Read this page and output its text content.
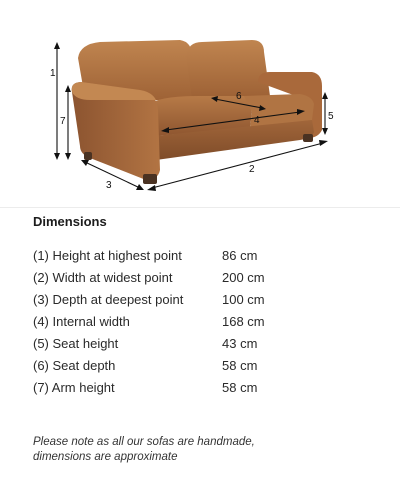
1
2
3
4	5
6
7
Dimensions
(1) Height at highest point	86 cm
(2) Width at widest point	200 cm
(3) Depth at deepest point	100 cm
(4) Internal width	168 cm
(5) Seat height	43 cm
(6) Seat depth	58 cm
(7) Arm height	58 cm

Please note as all our sofas are handmade,
dimensions are approximate
